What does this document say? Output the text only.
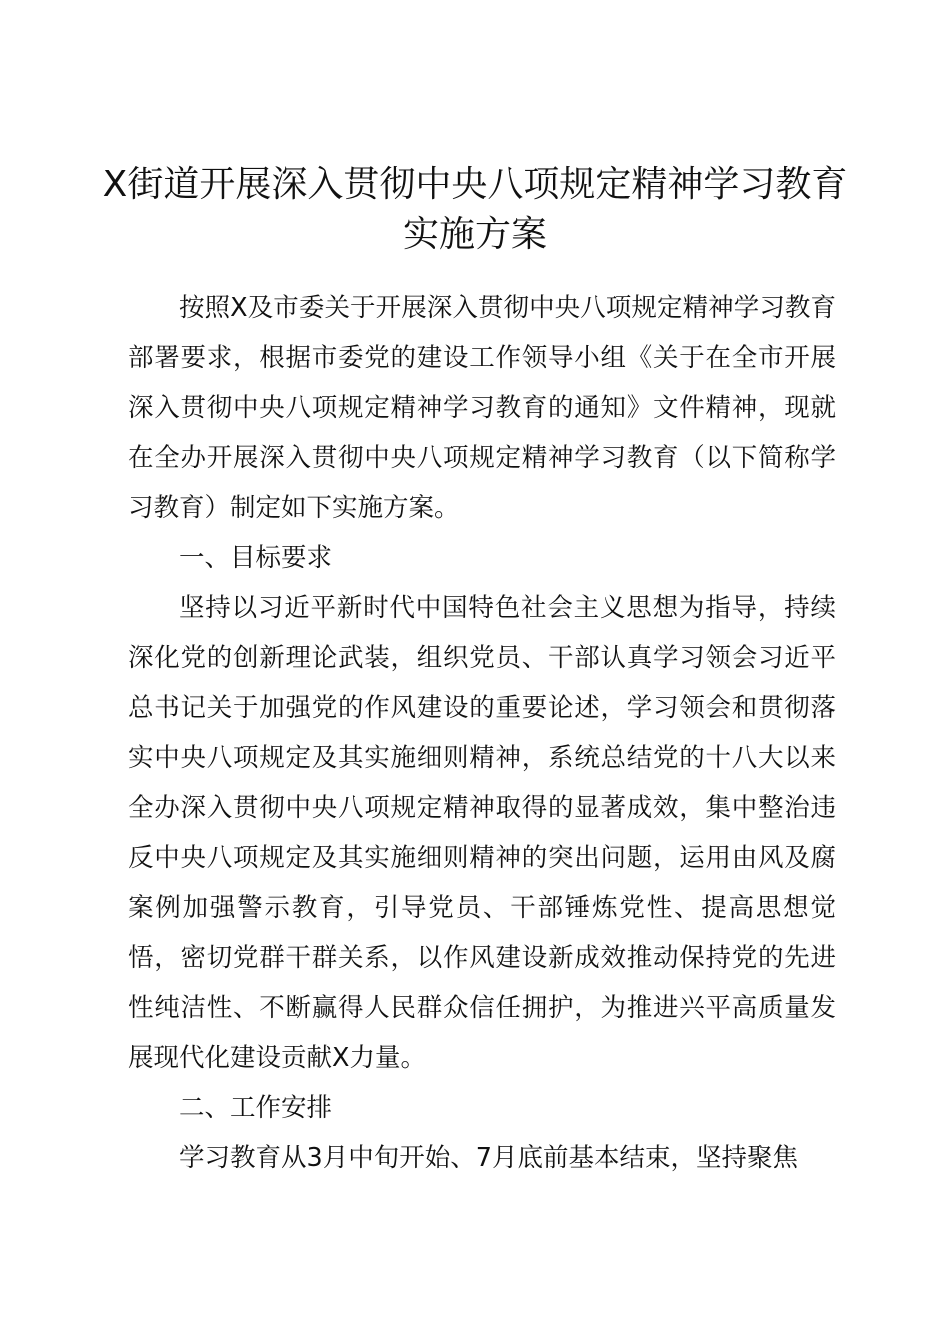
X街道开展深入贯彻中央八项规定精神学习教育实施方案

按照X及市委关于开展深入贯彻中央八项规定精神学习教育部署要求，根据市委党的建设工作领导小组《关于在全市开展深入贯彻中央八项规定精神学习教育的通知》文件精神，现就在全办开展深入贯彻中央八项规定精神学习教育（以下简称学习教育）制定如下实施方案。

一、目标要求

坚持以习近平新时代中国特色社会主义思想为指导，持续深化党的创新理论武装，组织党员、干部认真学习领会习近平总书记关于加强党的作风建设的重要论述，学习领会和贯彻落实中央八项规定及其实施细则精神，系统总结党的十八大以来全办深入贯彻中央八项规定精神取得的显著成效，集中整治违反中央八项规定及其实施细则精神的突出问题，运用由风及腐案例加强警示教育，引导党员、干部锤炼党性、提高思想觉悟，密切党群干群关系，以作风建设新成效推动保持党的先进性纯洁性、不断赢得人民群众信任拥护，为推进兴平高质量发展现代化建设贡献X力量。

二、工作安排

学习教育从3月中旬开始、7月底前基本结束，坚持聚焦
